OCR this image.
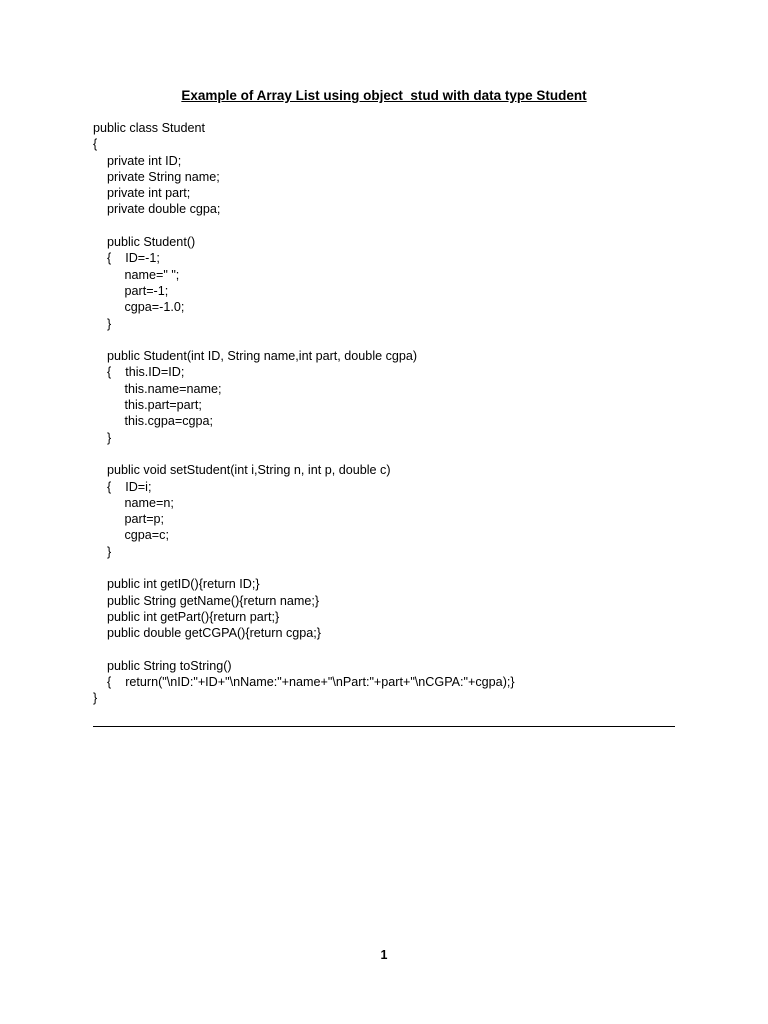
Example of Array List using object  stud with data type Student
public class Student
{
private int ID;
private String name;
private int part;
private double cgpa;
public Student()
{    ID=-1;
name=" ";
part=-1;
cgpa=-1.0;
}
public Student(int ID, String name,int part, double cgpa)
{    this.ID=ID;
this.name=name;
this.part=part;
this.cgpa=cgpa;
}
public void setStudent(int i,String n, int p, double c)
{    ID=i;
name=n;
part=p;
cgpa=c;
}
public int getID(){return ID;}
public String getName(){return name;}
public int getPart(){return part;}
public double getCGPA(){return cgpa;}
public String toString()
{    return("\nID:"+ID+"\nName:"+name+"\nPart:"+part+"\nCGPA:"+cgpa);}
}
1
